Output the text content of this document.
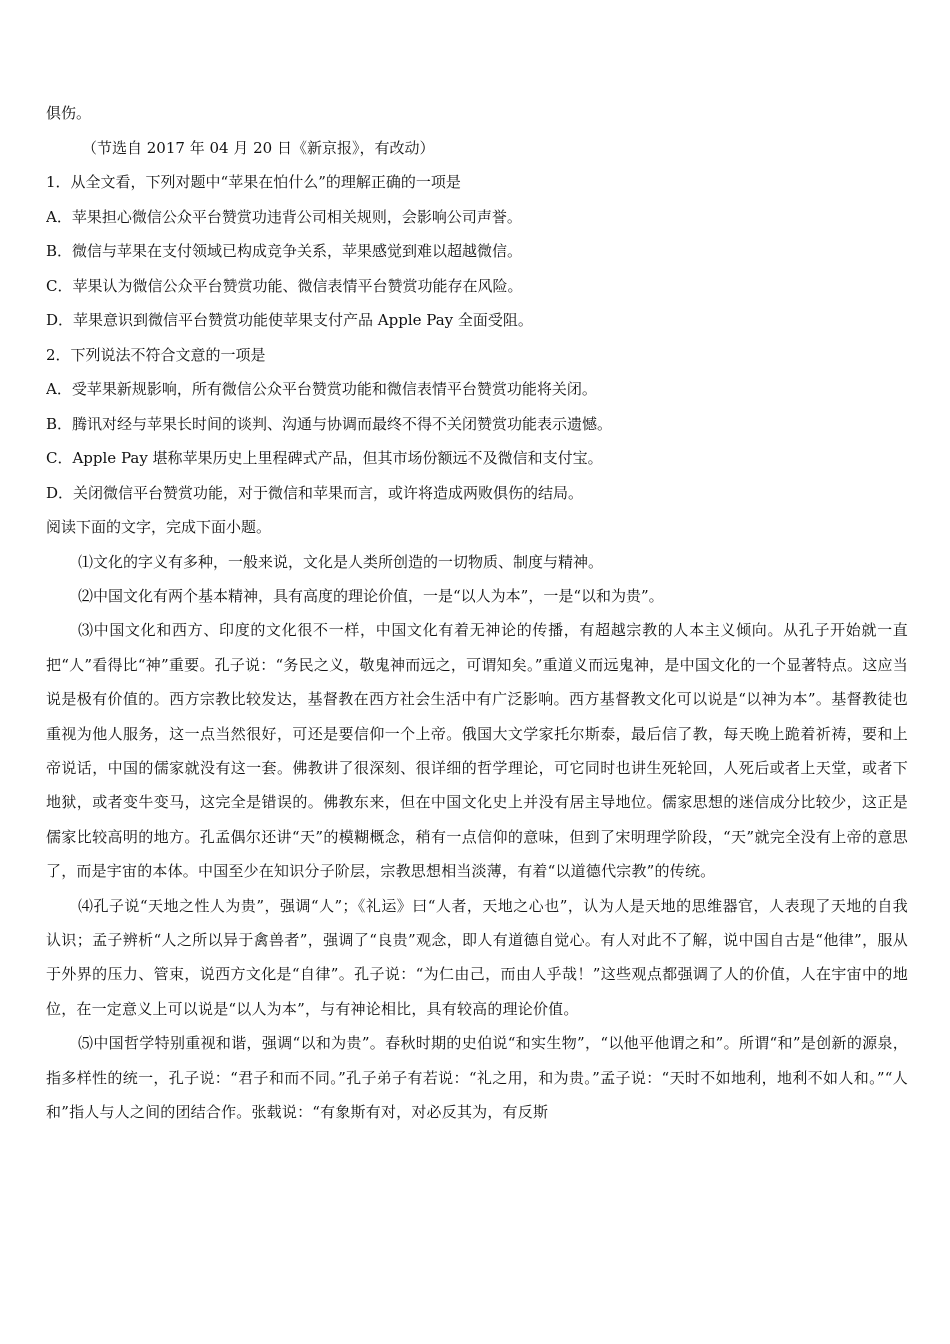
俱伤。
（节选自 2017 年 04 月 20 日《新京报》，有改动）
1．从全文看，下列对题中“苹果在怕什么”的理解正确的一项是
A．苹果担心微信公众平台赞赏功违背公司相关规则，会影响公司声誉。
B．微信与苹果在支付领域已构成竞争关系，苹果感觉到难以超越微信。
C．苹果认为微信公众平台赞赏功能、微信表情平台赞赏功能存在风险。
D．苹果意识到微信平台赞赏功能使苹果支付产品 Apple Pay 全面受阻。
2．下列说法不符合文意的一项是
A．受苹果新规影响，所有微信公众平台赞赏功能和微信表情平台赞赏功能将关闭。
B．腾讯对经与苹果长时间的谈判、沟通与协调而最终不得不关闭赞赏功能表示遗憾。
C．Apple Pay 堪称苹果历史上里程碑式产品，但其市场份额远不及微信和支付宝。
D．关闭微信平台赞赏功能，对于微信和苹果而言，或许将造成两败俱伤的结局。
阅读下面的文字，完成下面小题。

⑴文化的字义有多种，一般来说，文化是人类所创造的一切物质、制度与精神。

⑵中国文化有两个基本精神，具有高度的理论价值，一是“以人为本”，一是“以和为贵”。

⑶中国文化和西方、印度的文化很不一样，中国文化有着无神论的传播，有超越宗教的人本主义倾向。从孔子开始就一直把“人”看得比“神”重要。孔子说：“务民之义，敬鬼神而远之，可谓知矣。”重道义而远鬼神，是中国文化的一个显著特点。这应当说是极有价值的。西方宗教比较发达，基督教在西方社会生活中有广泛影响。西方基督教文化可以说是“以神为本”。基督教徒也重视为他人服务，这一点当然很好，可还是要信仰一个上帝。俄国大文学家托尔斯泰，最后信了教，每天晚上跪着祈祷，要和上帝说话，中国的儒家就没有这一套。佛教讲了很深刻、很详细的哲学理论，可它同时也讲生死轮回，人死后或者上天堂，或者下地狱，或者变牛变马，这完全是错误的。佛教东来，但在中国文化史上并没有居主导地位。儒家思想的迷信成分比较少，这正是儒家比较高明的地方。孔孟偶尔还讲“天”的模糊概念，稍有一点信仰的意味，但到了宋明理学阶段，“天”就完全没有上帝的意思了，而是宇宙的本体。中国至少在知识分子阶层，宗教思想相当淡薄，有着“以道德代宗教”的传统。

⑷孔子说“天地之性人为贵”，强调“人”；《礼运》曰“人者，天地之心也”，认为人是天地的思维器官，人表现了天地的自我认识；孟子辨析“人之所以异于禽兽者”，强调了“良贵”观念，即人有道德自觉心。有人对此不了解，说中国自古是“他律”，服从于外界的压力、管束，说西方文化是“自律”。孔子说：“为仁由己，而由人乎哉！”这些观点都强调了人的价值，人在宇宙中的地位，在一定意义上可以说是“以人为本”，与有神论相比，具有较高的理论价值。

⑸中国哲学特别重视和谐，强调“以和为贵”。春秋时期的史伯说“和实生物”，“以他平他谓之和”。所谓“和”是创新的源泉，指多样性的统一，孔子说：“君子和而不同。”孔子弟子有若说：“礼之用，和为贵。”孟子说：“天时不如地利，地利不如人和。”“人和”指人与人之间的团结合作。张载说：“有象斯有对，对必反其为，有反斯
